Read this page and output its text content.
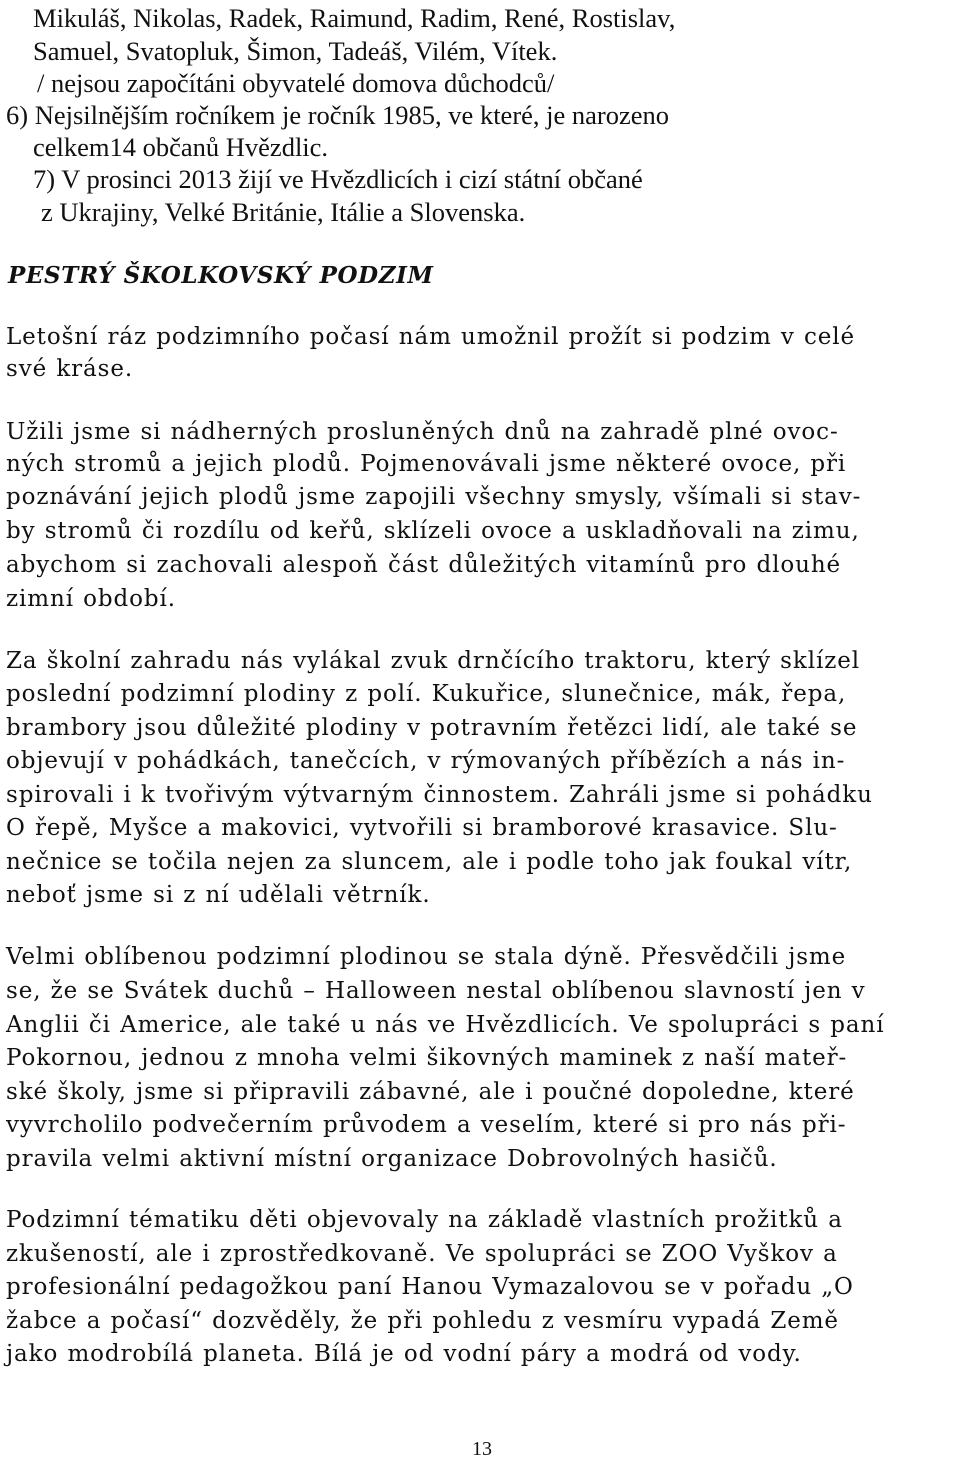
Mikuláš, Nikolas, Radek, Raimund, Radim, René, Rostislav,

Samuel, Svatopluk, Šimon, Tadeáš, Vilém, Vítek.

/ nejsou započítáni obyvatelé domova důchodců/

6) Nejsilnějším ročníkem je ročník 1985, ve které, je narozeno

celkem14 občanů Hvězdlic.

7) V prosinci 2013 žijí ve Hvězdlicích i cizí státní občané

z Ukrajiny, Velké Británie, Itálie a Slovenska.

PESTRÝ ŠKOLKOVSKÝ PODZIM

Letošní ráz podzimního počasí nám umožnil prožít si podzim v celé

své kráse.

Užili jsme si nádherných prosluněných dnů na zahradě plné ovoc-

ných stromů a jejich plodů. Pojmenovávali jsme některé ovoce, při

poznávání jejich plodů jsme zapojili všechny smysly, všímali si stav-

by stromů či rozdílu od keřů, sklízeli ovoce a uskladňovali na zimu,

abychom si zachovali alespoň část důležitých vitamínů pro dlouhé

zimní období.

Za školní zahradu nás vylákal zvuk drnčícího traktoru, který sklízel

poslední podzimní plodiny z polí. Kukuřice, slunečnice, mák, řepa,

brambory jsou důležité plodiny v potravním řetězci lidí, ale také se

objevují v pohádkách, tanečcích, v rýmovaných příbězích a nás in-

spirovali i k tvořivým výtvarným činnostem. Zahráli jsme si pohádku

O řepě, Myšce a makovici, vytvořili si bramborové krasavice. Slu-

nečnice se točila nejen za sluncem, ale i podle toho jak foukal vítr,

neboť jsme si z ní udělali větrník.

Velmi oblíbenou podzimní plodinou se stala dýně. Přesvědčili jsme

se, že se Svátek duchů – Halloween nestal oblíbenou slavností jen v

Anglii či Americe, ale také u nás ve Hvězdlicích. Ve spolupráci s paní

Pokornou, jednou z mnoha velmi šikovných maminek z naší mateř-

ské školy, jsme si připravili zábavné, ale i poučné dopoledne, které

vyvrcholilo podvečerním průvodem a veselím, které si pro nás při-

pravila velmi aktivní místní organizace Dobrovolných hasičů.

Podzimní tématiku děti objevovaly na základě vlastních prožitků a

zkušeností, ale i zprostředkovaně. Ve spolupráci se ZOO Vyškov a

profesionální pedagožkou paní Hanou Vymazalovou se v pořadu „O

žabce a počasí“ dozvěděly, že při pohledu z vesmíru vypadá Země

jako modrobílá planeta. Bílá je od vodní páry a modrá od vody.

13
